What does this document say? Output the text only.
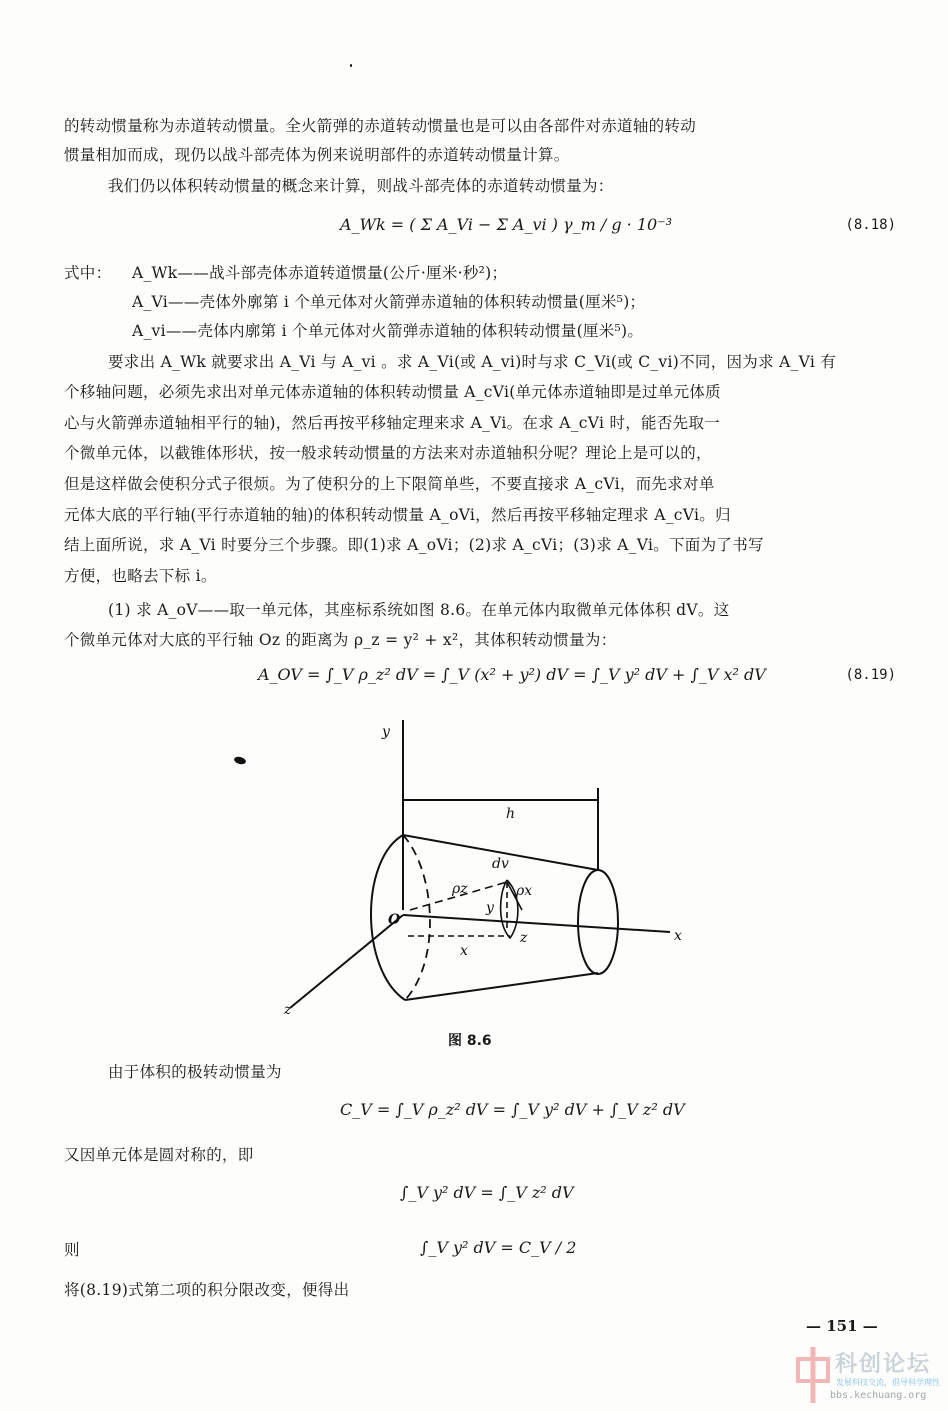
的转动惯量称为赤道转动惯量。全火箭弹的赤道转动惯量也是可以由各部件对赤道轴的转动
惯量相加而成，现仍以战斗部壳体为例来说明部件的赤道转动惯量计算。
我们仍以体积转动惯量的概念来计算，则战斗部壳体的赤道转动惯量为：
A_Wk = ( Σ A_Vi − Σ A_vi ) γ_m / g · 10⁻³	(8.18)
式中： A_Wk——战斗部壳体赤道转道惯量(公斤·厘米·秒²)；
A_Vi——壳体外廓第 i 个单元体对火箭弹赤道轴的体积转动惯量(厘米⁵)；
A_vi——壳体内廓第 i 个单元体对火箭弹赤道轴的体积转动惯量(厘米⁵)。
要求出 A_Wk 就要求出 A_Vi 与 A_vi 。求 A_Vi(或 A_vi)时与求 C_Vi(或 C_vi)不同，因为求 A_Vi 有
个移轴问题，必须先求出对单元体赤道轴的体积转动惯量 A_cVi(单元体赤道轴即是过单元体质
心与火箭弹赤道轴相平行的轴)，然后再按平移轴定理来求 A_Vi。在求 A_cVi 时，能否先取一
个微单元体，以截锥体形状，按一般求转动惯量的方法来对赤道轴积分呢？理论上是可以的，
但是这样做会使积分式子很烦。为了使积分的上下限简单些，不要直接求 A_cVi，而先求对单
元体大底的平行轴(平行赤道轴的轴)的体积转动惯量 A_oVi，然后再按平移轴定理求 A_cVi。归
结上面所说，求 A_Vi 时要分三个步骤。即(1)求 A_oVi；(2)求 A_cVi；(3)求 A_Vi。下面为了书写
方便，也略去下标 i。
(1) 求 A_oV——取一单元体，其座标系统如图 8.6。在单元体内取微单元体体积 dV。这
个微单元体对大底的平行轴 Oz 的距离为 ρ_z = y² + x²，其体积转动惯量为：
A_OV = ∫_V ρ_z² dV = ∫_V (x² + y²) dV = ∫_V y² dV + ∫_V x² dV	(8.19)
y
h
dv
ρz	ρx
y
z
x
O
x
z
图 8.6
由于体积的极转动惯量为
C_V = ∫_V ρ_z² dV = ∫_V y² dV + ∫_V z² dV
又因单元体是圆对称的，即
∫_V y² dV = ∫_V z² dV
则	∫_V y² dV = C_V / 2
将(8.19)式第二项的积分限改变，便得出
— 151 —
科创论坛
发展科技交流，倡导科学理性
bbs.kechuang.org
